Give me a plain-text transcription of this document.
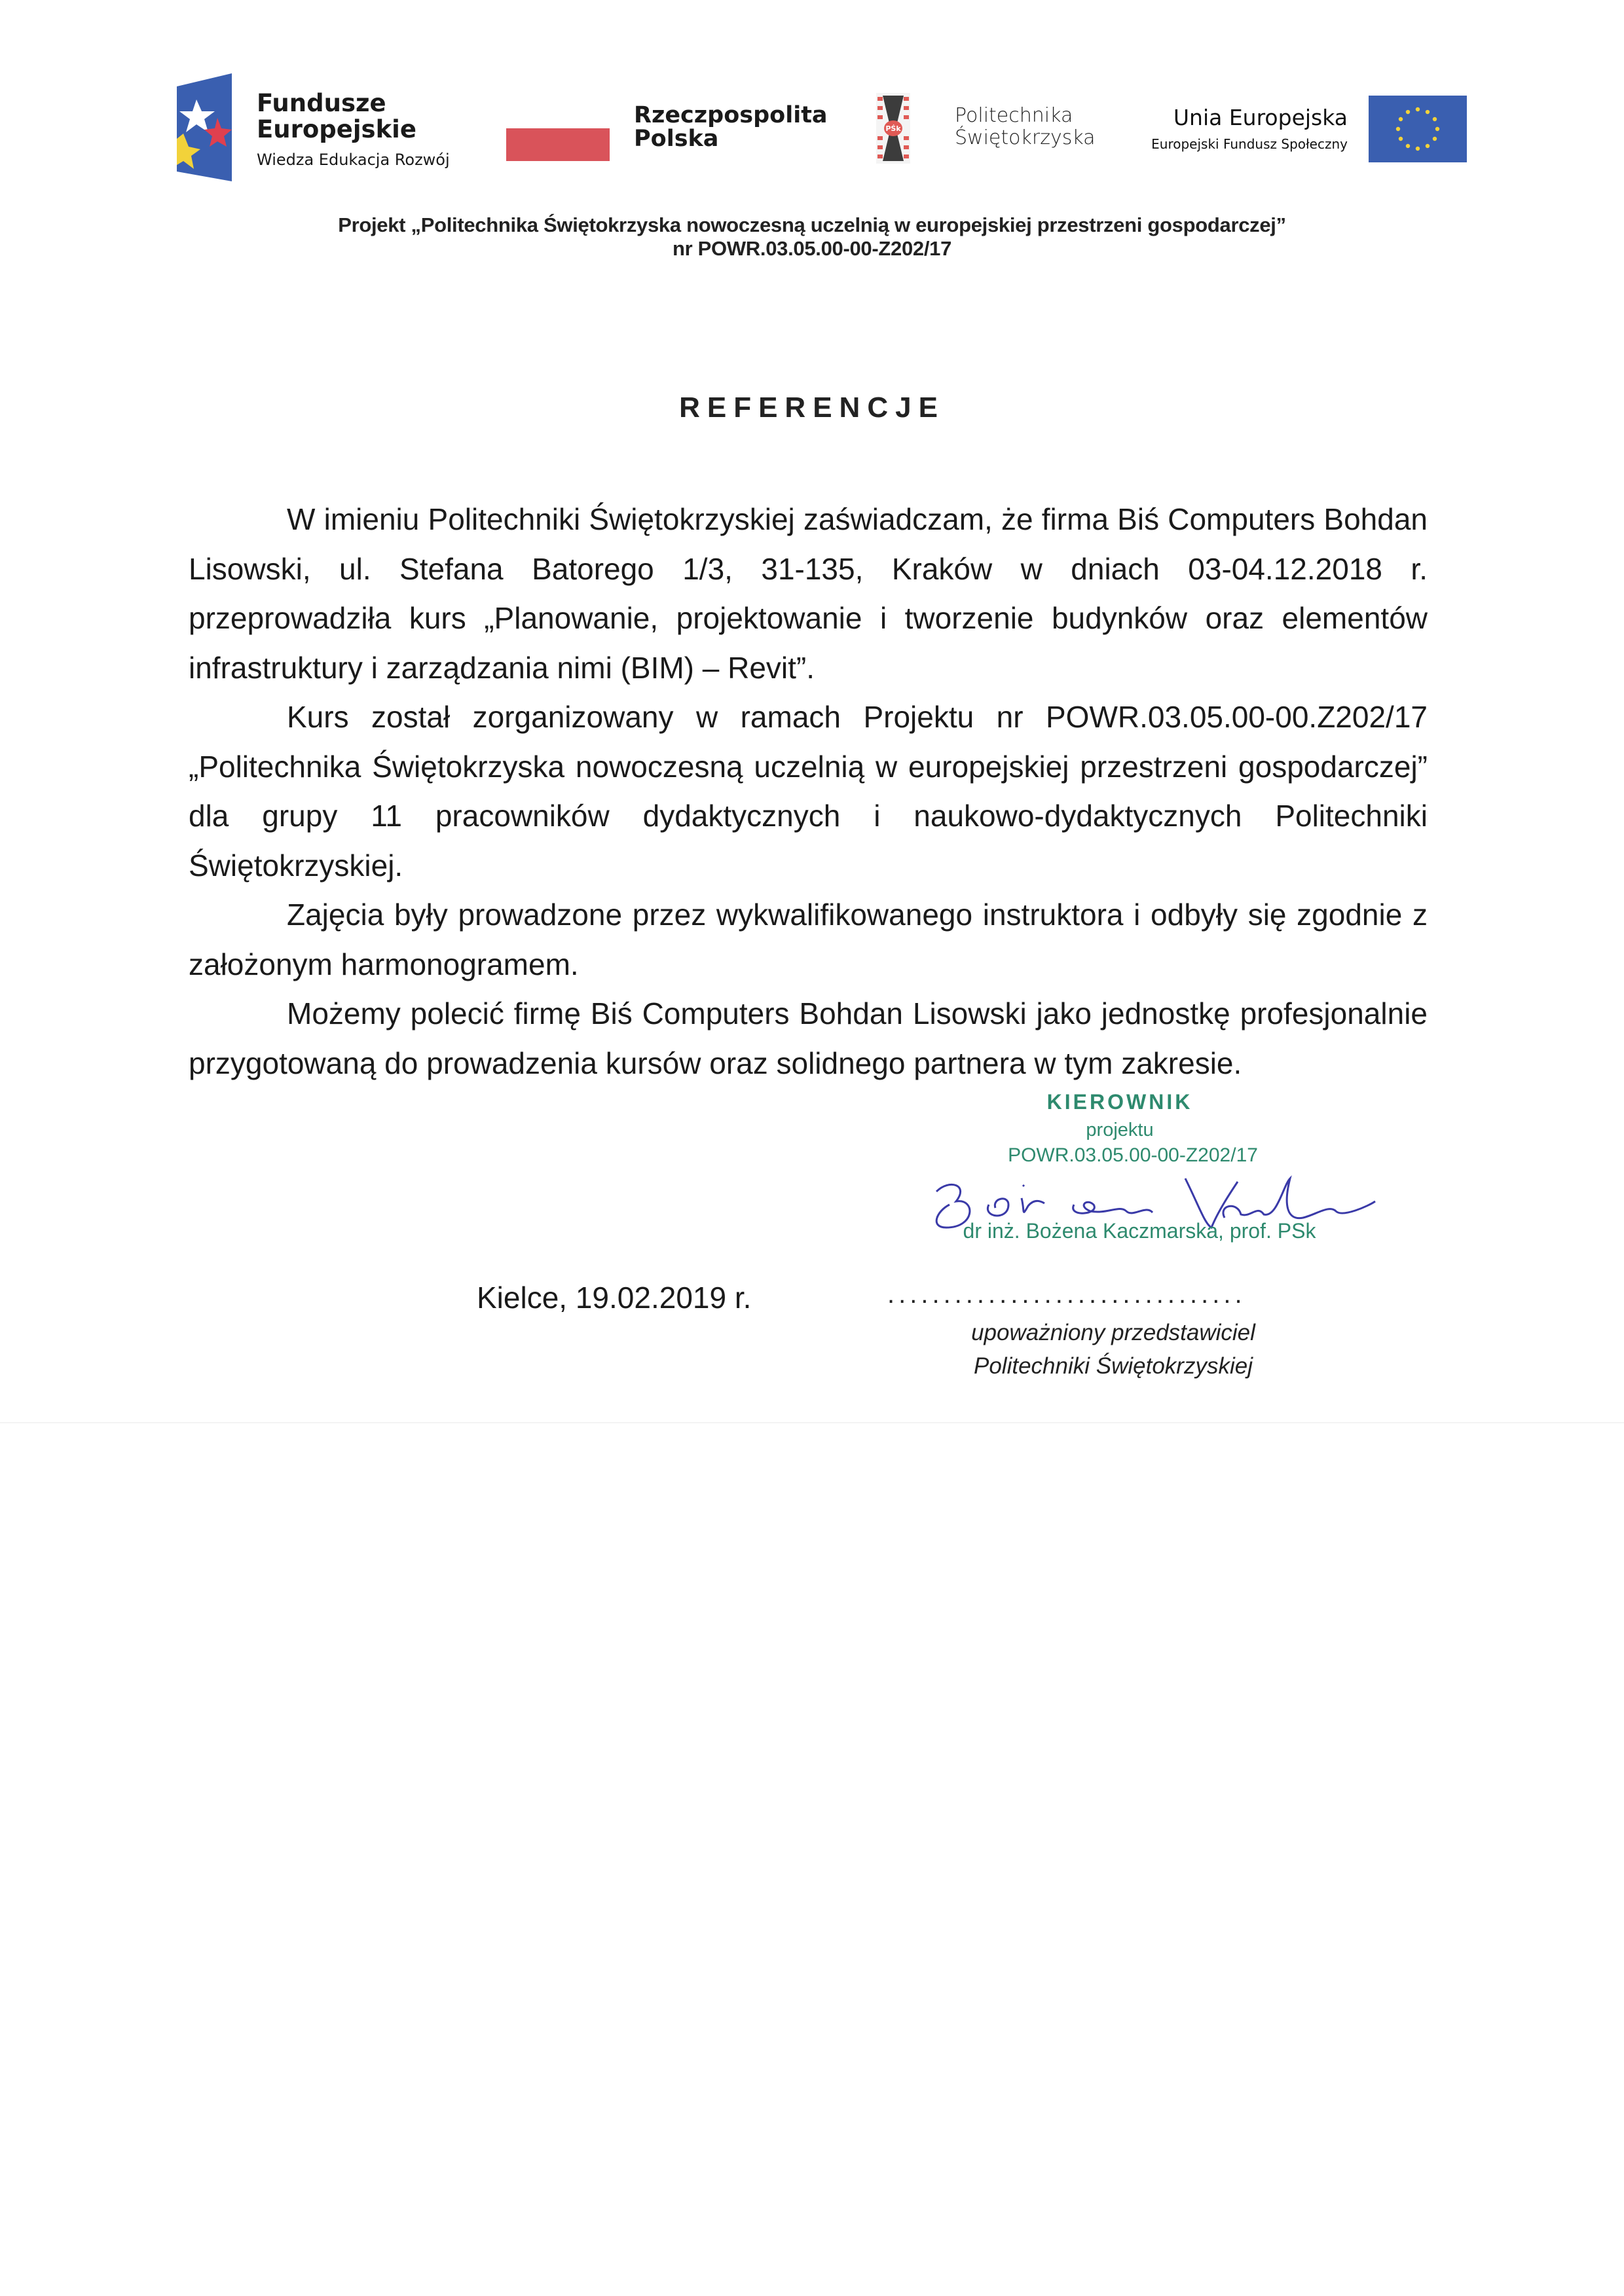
Fundusze
Europejskie
Wiedza Edukacja Rozwój
Rzeczpospolita
Polska	PŚk
Politechnika
Świętokrzyska
Unia Europejska
Europejski Fundusz Społeczny
Projekt „Politechnika Świętokrzyska nowoczesną uczelnią w europejskiej przestrzeni gospodarczej”
nr POWR.03.05.00-00-Z202/17
REFERENCJE

W imieniu Politechniki Świętokrzyskiej zaświadczam, że firma Biś Computers Bohdan Lisowski, ul. Stefana Batorego 1/3, 31-135, Kraków w dniach 03-04.12.2018 r. przeprowadziła kurs „Planowanie, projektowanie i tworzenie budynków oraz elementów infrastruktury i zarządzania nimi (BIM) – Revit”.

Kurs został zorganizowany w ramach Projektu nr POWR.03.05.00-00.Z202/17 „Politechnika Świętokrzyska nowoczesną uczelnią w europejskiej przestrzeni gospodarczej” dla grupy 11 pracowników dydaktycznych i naukowo-dydaktycznych Politechniki Świętokrzyskiej.

Zajęcia były prowadzone przez wykwalifikowanego instruktora i odbyły się zgodnie z założonym harmonogramem.

Możemy polecić firmę Biś Computers Bohdan Lisowski jako jednostkę profesjonalnie przygotowaną do prowadzenia kursów oraz solidnego partnera w tym zakresie.

KIEROWNIK
projektu
POWR.03.05.00-00-Z202/17
dr inż. Bożena Kaczmarska, prof. PSk
Kielce, 19.02.2019 r.	................................
upoważniony przedstawiciel
Politechniki Świętokrzyskiej
